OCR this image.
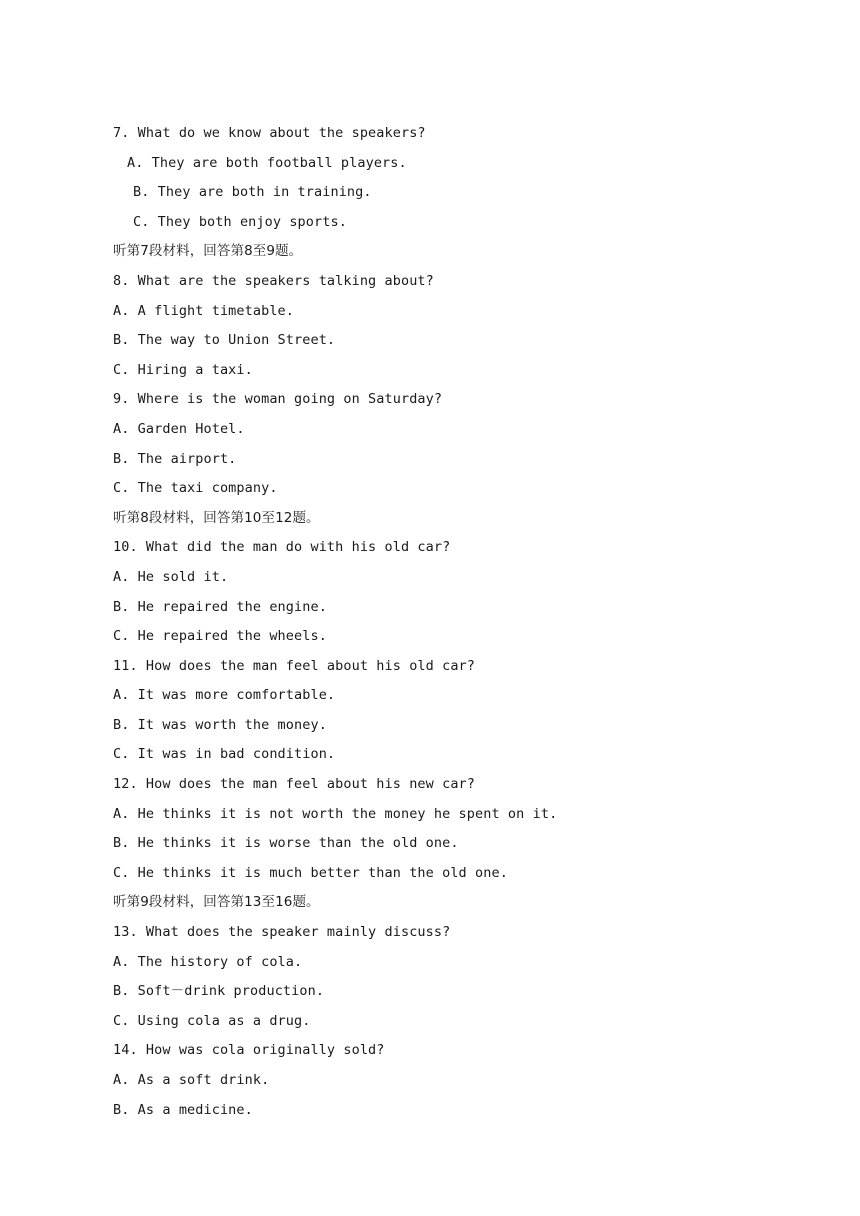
7. What do we know about the speakers?
A. They are both football players.
B. They are both in training.
C. They both enjoy sports.
听第7段材料，回答第8至9题。
8. What are the speakers talking about?
A. A flight timetable.
B. The way to Union Street.
C. Hiring a taxi.
9. Where is the woman going on Saturday?
A. Garden Hotel.
B. The airport.
C. The taxi company.
听第8段材料，回答第10至12题。
10. What did the man do with his old car?
A. He sold it.
B. He repaired the engine.
C. He repaired the wheels.
11. How does the man feel about his old car?
A. It was more comfortable.
B. It was worth the money.
C. It was in bad condition.
12. How does the man feel about his new car?
A. He thinks it is not worth the money he spent on it.
B. He thinks it is worse than the old one.
C. He thinks it is much better than the old one.
听第9段材料，回答第13至16题。
13. What does the speaker mainly discuss?
A. The history of cola.
B. Soft－drink production.
C. Using cola as a drug.
14. How was cola originally sold?
A. As a soft drink.
B. As a medicine.
